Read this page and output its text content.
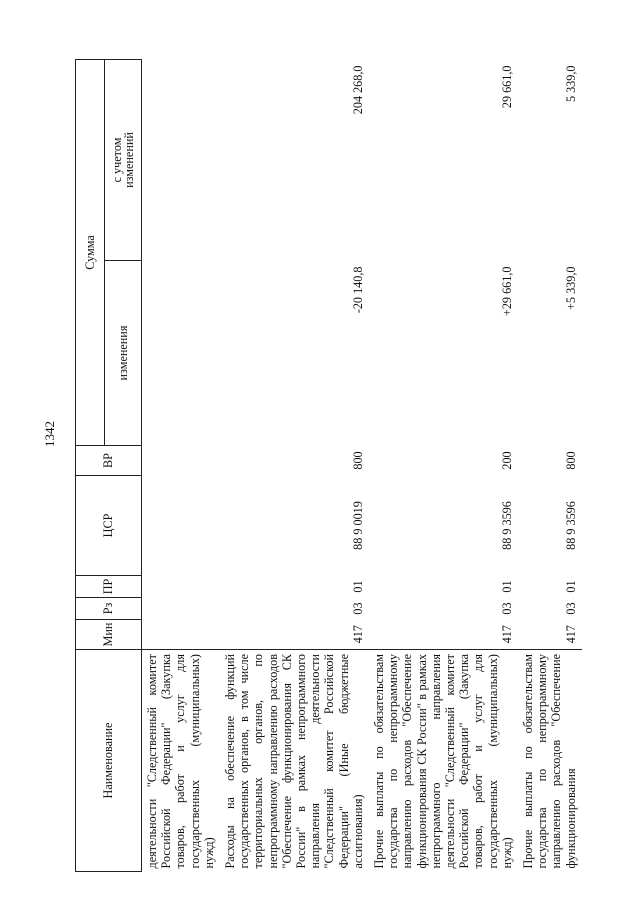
1342
Наименование	Мин	Рз	ПР	ЦСР	ВР	Сумма	
						изменения	с учетом
изменений
деятельности "Следственный комитет Российской Федерации" (Закупка товаров, работ и услуг для государственных (муниципальных) нужд)							
Расходы на обеспечение функций государственных органов, в том числе территориальных органов, по непрограммному направлению расходов "Обеспечение функционирования СК России" в рамках непрограммного направления деятельности "Следственный комитет Российской Федерации" (Иные бюджетные ассигнования)	417	03	01	88 9 0019	800	-20 140,8	204 268,0
Прочие выплаты по обязательствам государства по непрограммному направлению расходов "Обеспечение функционирования СК России" в рамках непрограммного направления деятельности "Следственный комитет Российской Федерации" (Закупка товаров, работ и услуг для государственных (муниципальных) нужд)	417	03	01	88 9 3596	200	+29 661,0	29 661,0
Прочие выплаты по обязательствам государства по непрограммному направлению расходов "Обеспечение функционирования	417	03	01	88 9 3596	800	+5 339,0	5 339,0
